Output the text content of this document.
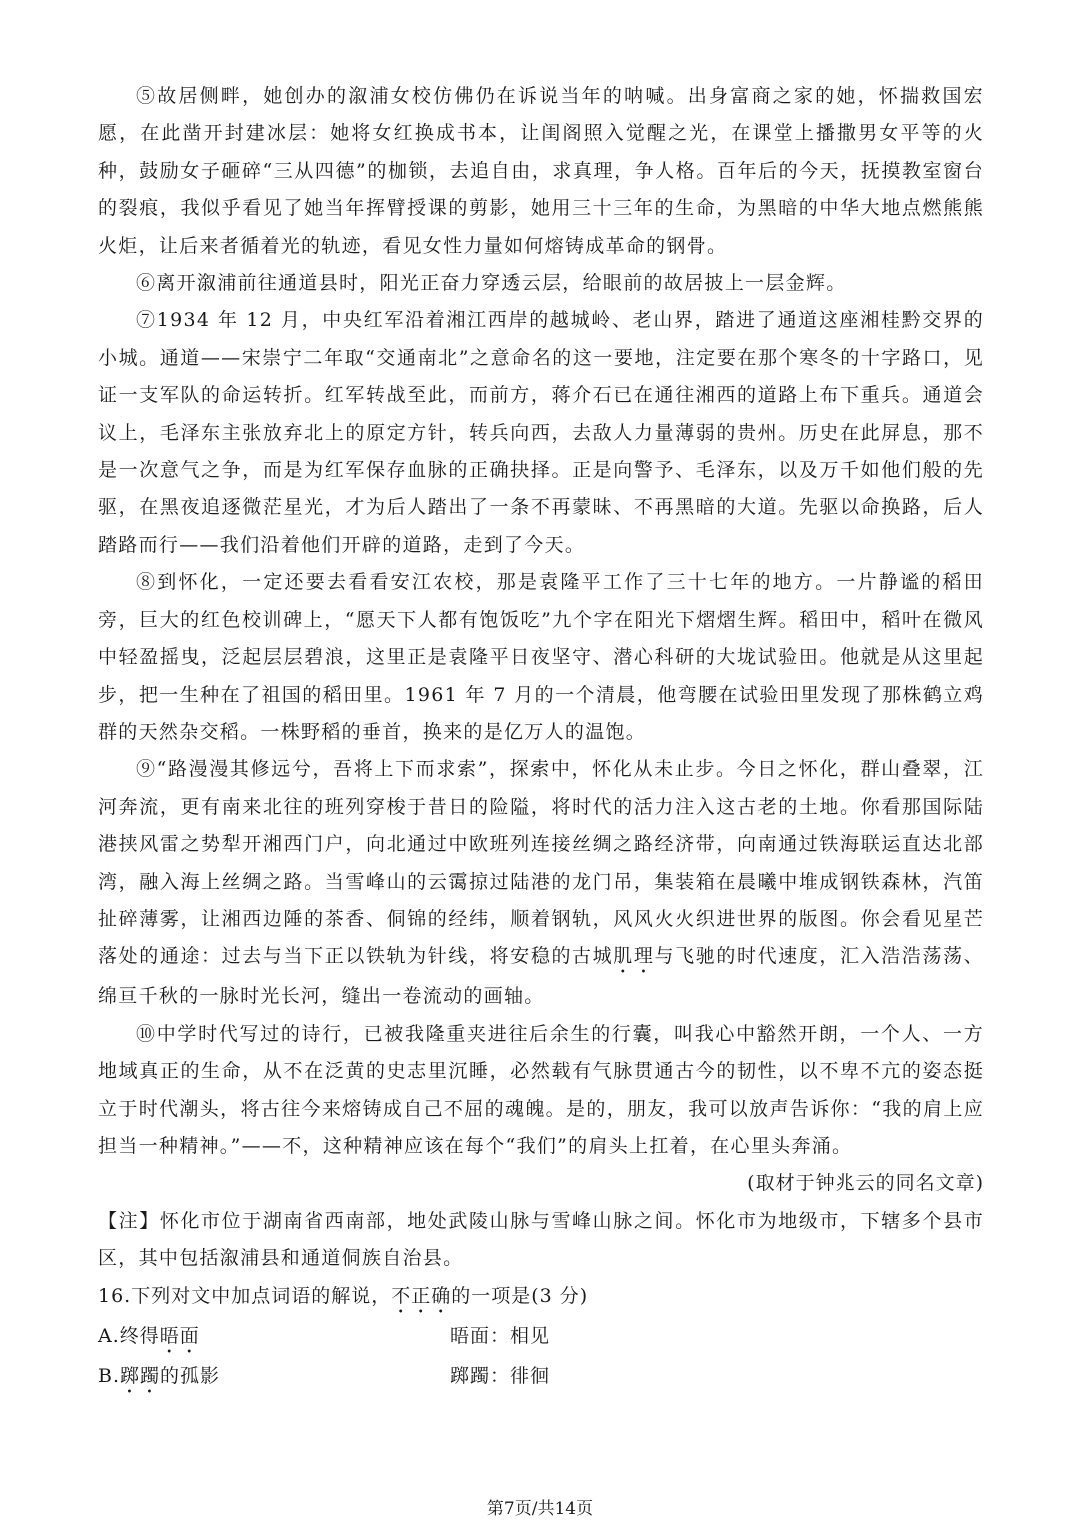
⑤故居侧畔，她创办的溆浦女校仿佛仍在诉说当年的呐喊。出身富商之家的她，怀揣救国宏愿，在此凿开封建冰层：她将女红换成书本，让闺阁照入觉醒之光，在课堂上播撒男女平等的火种，鼓励女子砸碎“三从四德”的枷锁，去追自由，求真理，争人格。百年后的今天，抚摸教室窗台的裂痕，我似乎看见了她当年挥臂授课的剪影，她用三十三年的生命，为黑暗的中华大地点燃熊熊火炬，让后来者循着光的轨迹，看见女性力量如何熔铸成革命的钢骨。

⑥离开溆浦前往通道县时，阳光正奋力穿透云层，给眼前的故居披上一层金辉。

⑦1934 年 12 月，中央红军沿着湘江西岸的越城岭、老山界，踏进了通道这座湘桂黔交界的小城。通道——宋崇宁二年取“交通南北”之意命名的这一要地，注定要在那个寒冬的十字路口，见证一支军队的命运转折。红军转战至此，而前方，蒋介石已在通往湘西的道路上布下重兵。通道会议上，毛泽东主张放弃北上的原定方针，转兵向西，去敌人力量薄弱的贵州。历史在此屏息，那不是一次意气之争，而是为红军保存血脉的正确抉择。正是向警予、毛泽东，以及万千如他们般的先驱，在黑夜追逐微茫星光，才为后人踏出了一条不再蒙昧、不再黑暗的大道。先驱以命换路，后人踏路而行——我们沿着他们开辟的道路，走到了今天。

⑧到怀化，一定还要去看看安江农校，那是袁隆平工作了三十七年的地方。一片静谧的稻田旁，巨大的红色校训碑上，“愿天下人都有饱饭吃”九个字在阳光下熠熠生辉。稻田中，稻叶在微风中轻盈摇曳，泛起层层碧浪，这里正是袁隆平日夜坚守、潜心科研的大垅试验田。他就是从这里起步，把一生种在了祖国的稻田里。1961 年 7 月的一个清晨，他弯腰在试验田里发现了那株鹤立鸡群的天然杂交稻。一株野稻的垂首，换来的是亿万人的温饱。

⑨“路漫漫其修远兮，吾将上下而求索”，探索中，怀化从未止步。今日之怀化，群山叠翠，江河奔流，更有南来北往的班列穿梭于昔日的险隘，将时代的活力注入这古老的土地。你看那国际陆港挟风雷之势犁开湘西门户，向北通过中欧班列连接丝绸之路经济带，向南通过铁海联运直达北部湾，融入海上丝绸之路。当雪峰山的云霭掠过陆港的龙门吊，集装箱在晨曦中堆成钢铁森林，汽笛扯碎薄雾，让湘西边陲的茶香、侗锦的经纬，顺着钢轨，风风火火织进世界的版图。你会看见星芒落处的通途：过去与当下正以铁轨为针线，将安稳的古城肌理与飞驰的时代速度，汇入浩浩荡荡、绵亘千秋的一脉时光长河，缝出一卷流动的画轴。

⑩中学时代写过的诗行，已被我隆重夹进往后余生的行囊，叫我心中豁然开朗，一个人、一方地域真正的生命，从不在泛黄的史志里沉睡，必然载有气脉贯通古今的韧性，以不卑不亢的姿态挺立于时代潮头，将古往今来熔铸成自己不屈的魂魄。是的，朋友，我可以放声告诉你：“我的肩上应担当一种精神。”——不，这种精神应该在每个“我们”的肩头上扛着，在心里头奔涌。

(取材于钟兆云的同名文章)

【注】怀化市位于湖南省西南部，地处武陵山脉与雪峰山脉之间。怀化市为地级市，下辖多个县市区，其中包括溆浦县和通道侗族自治县。

16.下列对文中加点词语的解说，不正确的一项是(3 分)

A.终得晤面	晤面：相见
B.踯躅的孤影	踯躅：徘徊
第7页/共14页
